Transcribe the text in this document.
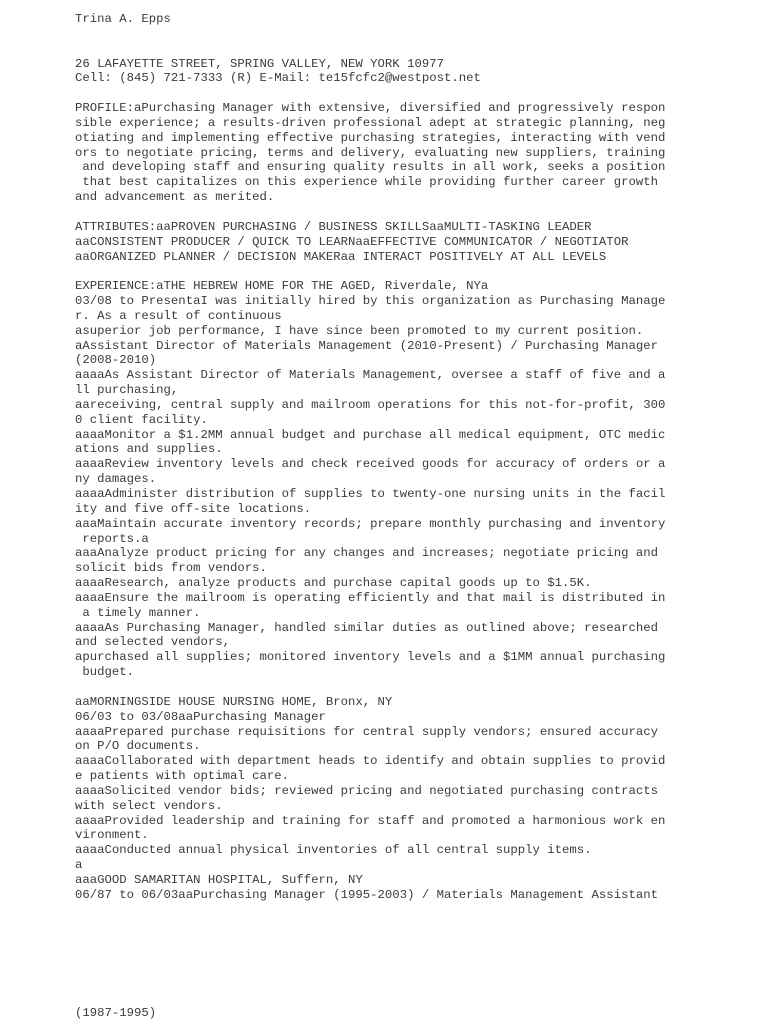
Trina A. Epps

26 LAFAYETTE STREET, SPRING VALLEY, NEW YORK 10977
Cell: (845) 721-7333 (R) E-Mail: te15fcfc2@westpost.net

PROFILE:aPurchasing Manager with extensive, diversified and progressively respon
sible experience; a results-driven professional adept at strategic planning, neg
otiating and implementing effective purchasing strategies, interacting with vend
ors to negotiate pricing, terms and delivery, evaluating new suppliers, training
and developing staff and ensuring quality results in all work, seeks a position
that best capitalizes on this experience while providing further career growth
and advancement as merited.

ATTRIBUTES:aaPROVEN PURCHASING / BUSINESS SKILLSaaMULTI-TASKING LEADER
aaCONSISTENT PRODUCER / QUICK TO LEARNaaEFFECTIVE COMMUNICATOR / NEGOTIATOR
aaORGANIZED PLANNER / DECISION MAKERaa INTERACT POSITIVELY AT ALL LEVELS

EXPERIENCE:aTHE HEBREW HOME FOR THE AGED, Riverdale, NYa
03/08 to PresentaI was initially hired by this organization as Purchasing Manage
r. As a result of continuous
asuperior job performance, I have since been promoted to my current position.
aAssistant Director of Materials Management (2010-Present) / Purchasing Manager
(2008-2010)
aaaaAs Assistant Director of Materials Management, oversee a staff of five and a
ll purchasing,
aareceiving, central supply and mailroom operations for this not-for-profit, 300
0 client facility.
aaaaMonitor a $1.2MM annual budget and purchase all medical equipment, OTC medic
ations and supplies.
aaaaReview inventory levels and check received goods for accuracy of orders or a
ny damages.
aaaaAdminister distribution of supplies to twenty-one nursing units in the facil
ity and five off-site locations.
aaaMaintain accurate inventory records; prepare monthly purchasing and inventory
reports.a
aaaAnalyze product pricing for any changes and increases; negotiate pricing and
solicit bids from vendors.
aaaaResearch, analyze products and purchase capital goods up to $1.5K.
aaaaEnsure the mailroom is operating efficiently and that mail is distributed in
a timely manner.
aaaaAs Purchasing Manager, handled similar duties as outlined above; researched
and selected vendors,
apurchased all supplies; monitored inventory levels and a $1MM annual purchasing
budget.

aaMORNINGSIDE HOUSE NURSING HOME, Bronx, NY
06/03 to 03/08aaPurchasing Manager
aaaaPrepared purchase requisitions for central supply vendors; ensured accuracy
on P/O documents.
aaaaCollaborated with department heads to identify and obtain supplies to provid
e patients with optimal care.
aaaaSolicited vendor bids; reviewed pricing and negotiated purchasing contracts
with select vendors.
aaaaProvided leadership and training for staff and promoted a harmonious work en
vironment.
aaaaConducted annual physical inventories of all central supply items.
a
aaaGOOD SAMARITAN HOSPITAL, Suffern, NY
06/87 to 06/03aaPurchasing Manager (1995-2003) / Materials Management Assistant
(1987-1995)
